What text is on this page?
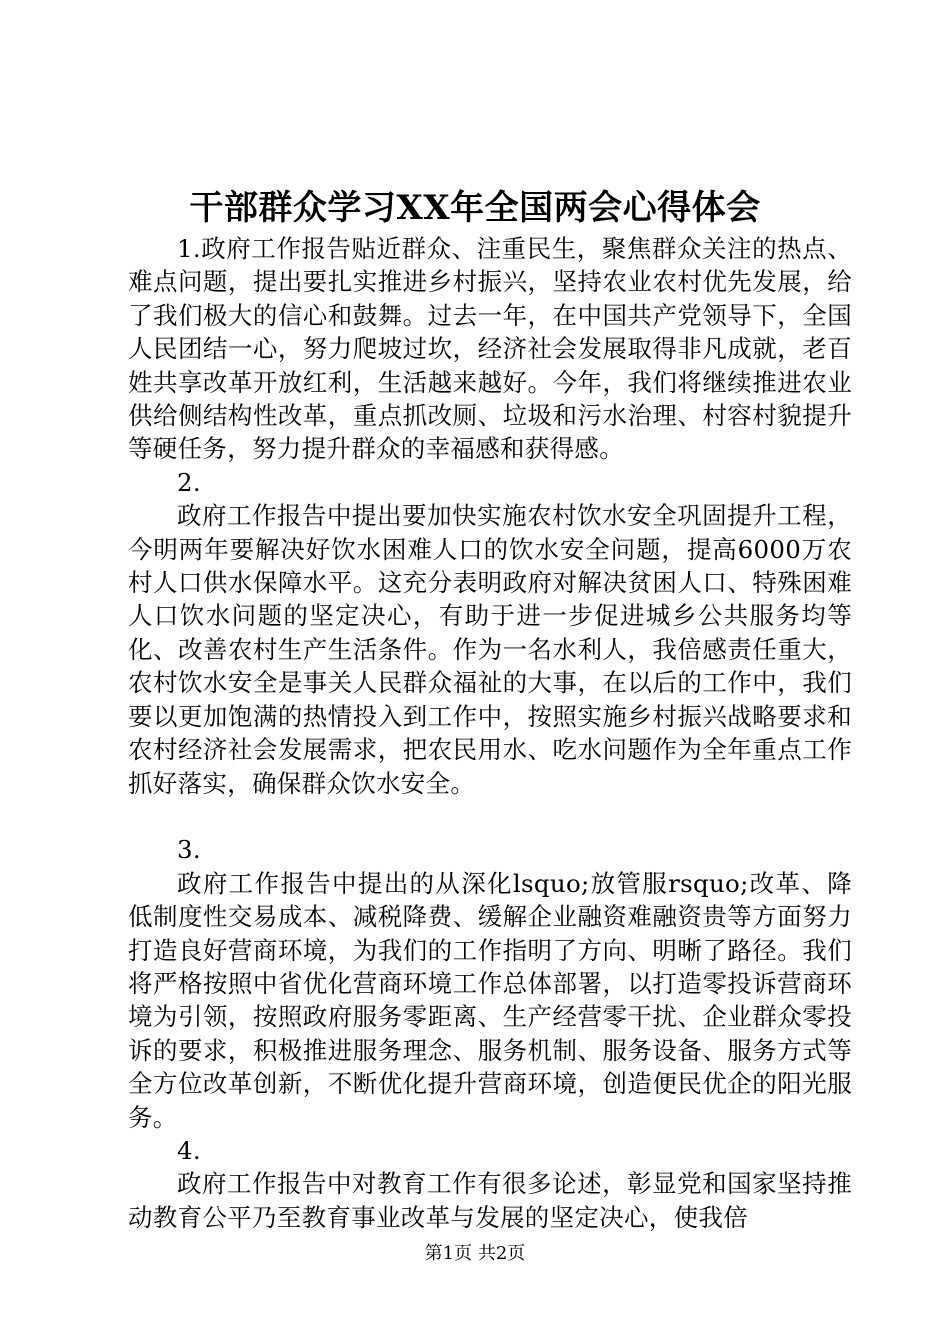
干部群众学习XX年全国两会心得体会

1.政府工作报告贴近群众、注重民生，聚焦群众关注的热点、难点问题，提出要扎实推进乡村振兴，坚持农业农村优先发展，给了我们极大的信心和鼓舞。过去一年，在中国共产党领导下，全国人民团结一心，努力爬坡过坎，经济社会发展取得非凡成就，老百姓共享改革开放红利，生活越来越好。今年，我们将继续推进农业供给侧结构性改革，重点抓改厕、垃圾和污水治理、村容村貌提升等硬任务，努力提升群众的幸福感和获得感。

2.

政府工作报告中提出要加快实施农村饮水安全巩固提升工程，今明两年要解决好饮水困难人口的饮水安全问题，提高6000万农村人口供水保障水平。这充分表明政府对解决贫困人口、特殊困难人口饮水问题的坚定决心，有助于进一步促进城乡公共服务均等化、改善农村生产生活条件。作为一名水利人，我倍感责任重大，农村饮水安全是事关人民群众福祉的大事，在以后的工作中，我们要以更加饱满的热情投入到工作中，按照实施乡村振兴战略要求和农村经济社会发展需求，把农民用水、吃水问题作为全年重点工作抓好落实，确保群众饮水安全。

3.

政府工作报告中提出的从深化lsquo;放管服rsquo;改革、降低制度性交易成本、减税降费、缓解企业融资难融资贵等方面努力打造良好营商环境，为我们的工作指明了方向、明晰了路径。我们将严格按照中省优化营商环境工作总体部署，以打造零投诉营商环境为引领，按照政府服务零距离、生产经营零干扰、企业群众零投诉的要求，积极推进服务理念、服务机制、服务设备、服务方式等全方位改革创新，不断优化提升营商环境，创造便民优企的阳光服务。

4.

政府工作报告中对教育工作有很多论述，彰显党和国家坚持推动教育公平乃至教育事业改革与发展的坚定决心，使我倍

第1页 共2页
